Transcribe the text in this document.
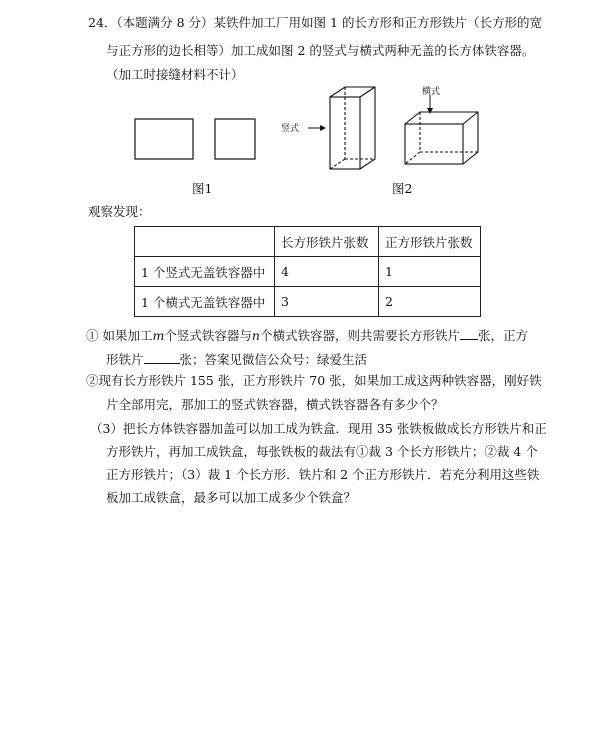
24．（本题满分 8 分）某铁件加工厂用如图 1 的长方形和正方形铁片（长方形的宽
与正方形的边长相等）加工成如图 2 的竖式与横式两种无盖的长方体铁容器。
（加工时接缝材料不计）
图1
竖式
横式
图2
观察发现：
	长方形铁片张数	正方形铁片张数
1 个竖式无盖铁容器中	4	1
1 个横式无盖铁容器中	3	2
① 如果加工m个竖式铁容器与n个横式铁容器，则共需要长方形铁片 张，正方
形铁片	张；答案见微信公众号：绿爱生活
②现有长方形铁片 155 张，正方形铁片 70 张，如果加工成这两种铁容器，刚好铁
片全部用完，那加工的竖式铁容器，横式铁容器各有多少个？
（3）把长方体铁容器加盖可以加工成为铁盒．现用 35 张铁板做成长方形铁片和正
方形铁片，再加工成铁盒，每张铁板的裁法有①裁 3 个长方形铁片；②裁 4 个
正方形铁片；（3）裁 1 个长方形．铁片和 2 个正方形铁片．若充分利用这些铁
板加工成铁盒，最多可以加工成多少个铁盒？
